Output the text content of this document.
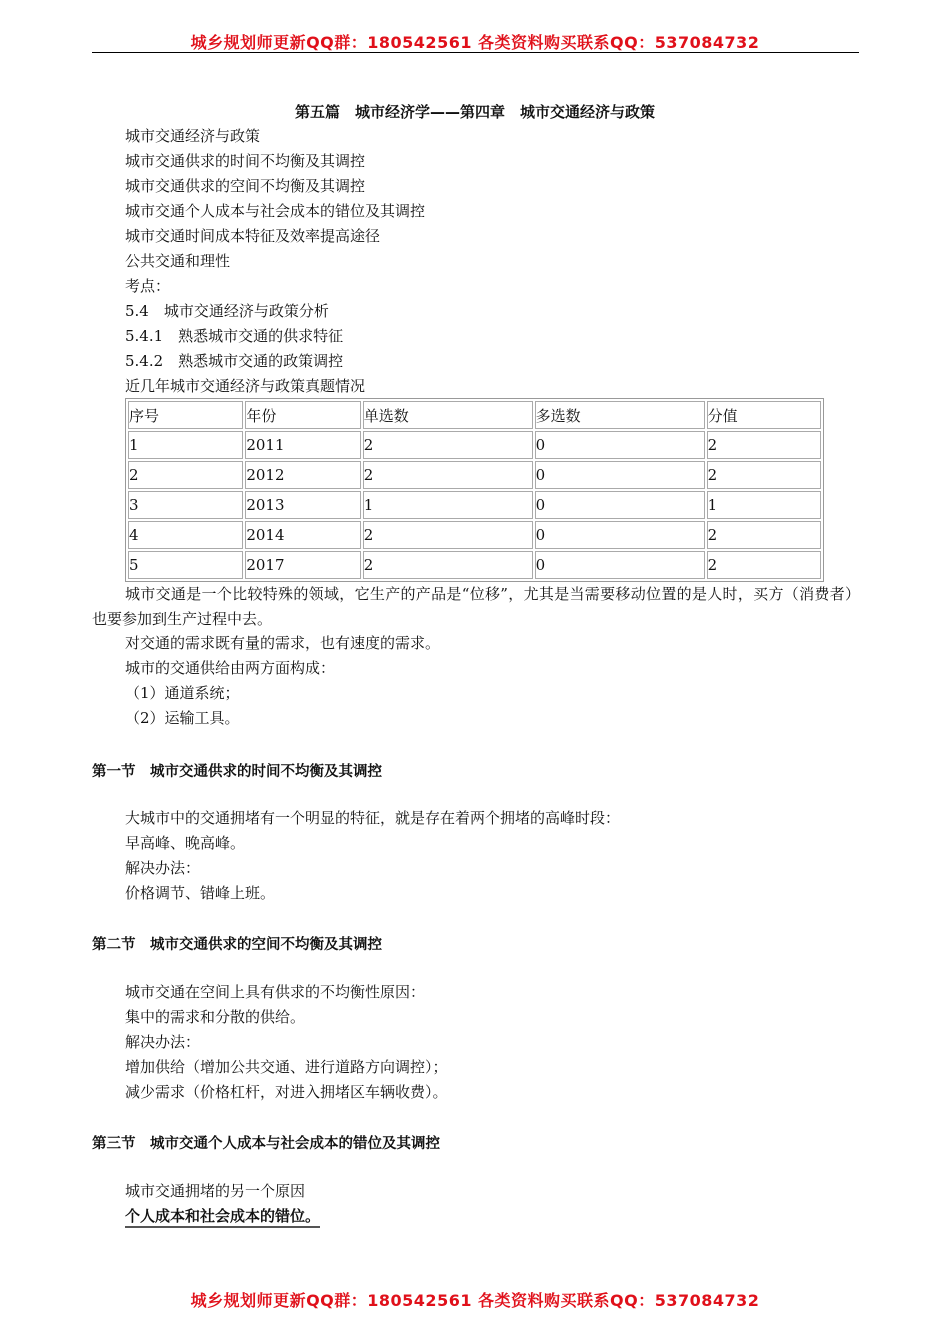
城乡规划师更新QQ群：180542561 各类资料购买联系QQ：537084732
第五篇　城市经济学——第四章　城市交通经济与政策
城市交通经济与政策
城市交通供求的时间不均衡及其调控
城市交通供求的空间不均衡及其调控
城市交通个人成本与社会成本的错位及其调控
城市交通时间成本特征及效率提高途径
公共交通和理性
考点：
5.4　城市交通经济与政策分析
5.4.1　熟悉城市交通的供求特征
5.4.2　熟悉城市交通的政策调控
近几年城市交通经济与政策真题情况
序号	年份	单选数	多选数	分值
1	2011	2	0	2
2	2012	2	0	2
3	2013	1	0	1
4	2014	2	0	2
5	2017	2	0	2
城市交通是一个比较特殊的领域，它生产的产品是“位移”，尤其是当需要移动位置的是人时，买方（消费者）也要参加到生产过程中去。
对交通的需求既有量的需求，也有速度的需求。
城市的交通供给由两方面构成：
（1）通道系统；
（2）运输工具。
第一节　城市交通供求的时间不均衡及其调控
大城市中的交通拥堵有一个明显的特征，就是存在着两个拥堵的高峰时段：
早高峰、晚高峰。
解决办法：
价格调节、错峰上班。
第二节　城市交通供求的空间不均衡及其调控
城市交通在空间上具有供求的不均衡性原因：
集中的需求和分散的供给。
解决办法：
增加供给（增加公共交通、进行道路方向调控）；
减少需求（价格杠杆，对进入拥堵区车辆收费）。
第三节　城市交通个人成本与社会成本的错位及其调控
城市交通拥堵的另一个原因
个人成本和社会成本的错位。
城乡规划师更新QQ群：180542561 各类资料购买联系QQ：537084732
